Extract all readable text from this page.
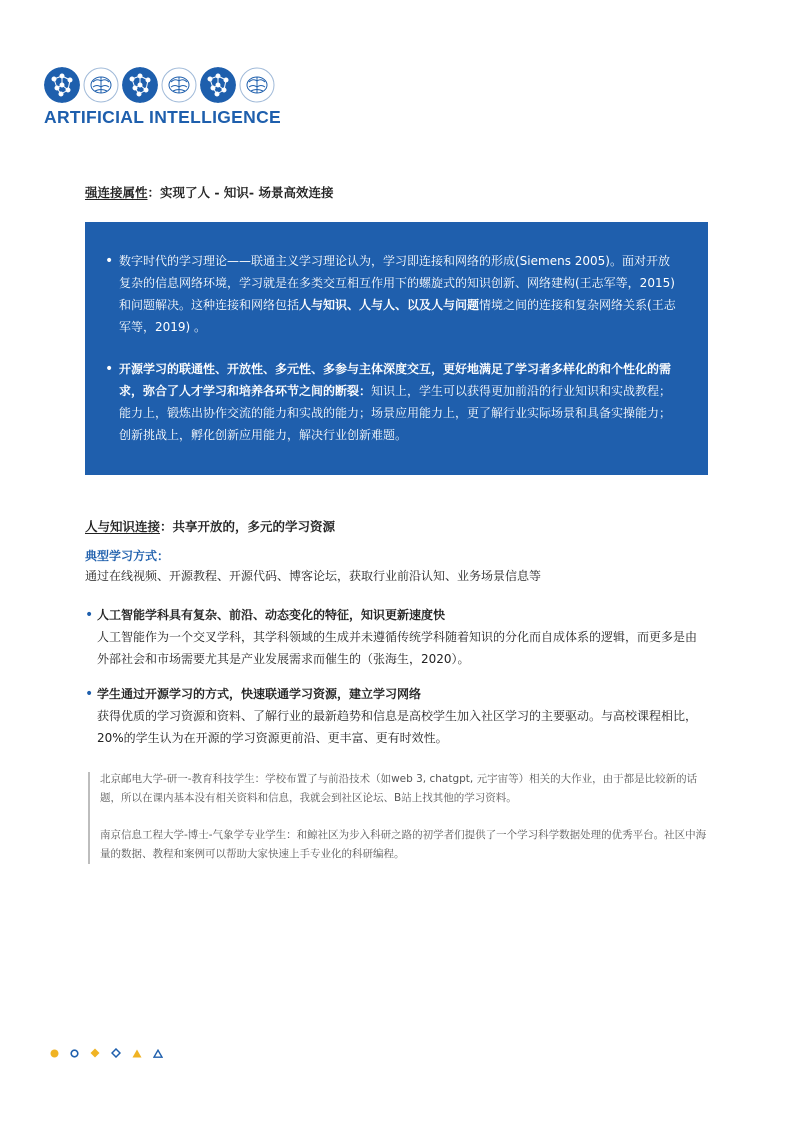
ARTIFICIAL INTELLIGENCE
强连接属性：实现了人 - 知识- 场景高效连接
• 数字时代的学习理论——联通主义学习理论认为，学习即连接和网络的形成(Siemens 2005)。面对开放复杂的信息网络环境，学习就是在多类交互相互作用下的螺旋式的知识创新、网络建构(王志军等，2015) 和问题解决。这种连接和网络包括人与知识、人与人、以及人与问题情境之间的连接和复杂网络关系(王志军等，2019) 。
• 开源学习的联通性、开放性、多元性、多参与主体深度交互，更好地满足了学习者多样化的和个性化的需求，弥合了人才学习和培养各环节之间的断裂：知识上，学生可以获得更加前沿的行业知识和实战教程；能力上，锻炼出协作交流的能力和实战的能力；场景应用能力上，更了解行业实际场景和具备实操能力；创新挑战上，孵化创新应用能力，解决行业创新难题。
人与知识连接：共享开放的，多元的学习资源
典型学习方式：
通过在线视频、开源教程、开源代码、博客论坛，获取行业前沿认知、业务场景信息等
• 人工智能学科具有复杂、前沿、动态变化的特征，知识更新速度快
人工智能作为一个交叉学科，其学科领域的生成并未遵循传统学科随着知识的分化而自成体系的逻辑，而更多是由外部社会和市场需要尤其是产业发展需求而催生的（张海生，2020）。
• 学生通过开源学习的方式，快速联通学习资源，建立学习网络
获得优质的学习资源和资料、了解行业的最新趋势和信息是高校学生加入社区学习的主要驱动。与高校课程相比，20%的学生认为在开源的学习资源更前沿、更丰富、更有时效性。

北京邮电大学-研一-教育科技学生：学校布置了与前沿技术（如web 3, chatgpt, 元宇宙等）相关的大作业，由于都是比较新的话题，所以在课内基本没有相关资料和信息，我就会到社区论坛、B站上找其他的学习资料。

南京信息工程大学-博士-气象学专业学生：和鲸社区为步入科研之路的初学者们提供了一个学习科学数据处理的优秀平台。社区中海量的数据、教程和案例可以帮助大家快速上手专业化的科研编程。
